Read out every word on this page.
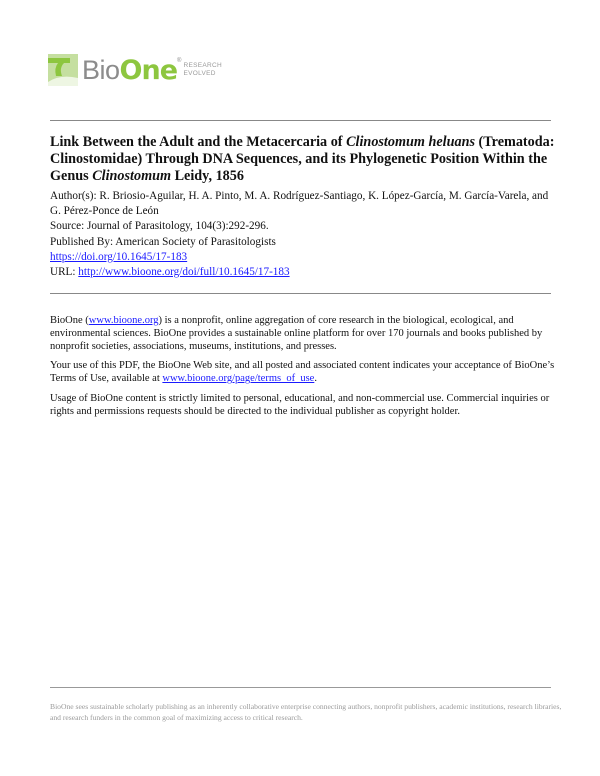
Bio One ®
RESEARCH
EVOLVED
Link Between the Adult and the Metacercaria of Clinostomum heluans (Trematoda: Clinostomidae) Through DNA Sequences, and its Phylogenetic Position Within the Genus Clinostomum Leidy, 1856
Author(s): R. Briosio-Aguilar, H. A. Pinto, M. A. Rodríguez-Santiago, K. López-García, M. García-Varela, and G. Pérez-Ponce de León
Source: Journal of Parasitology, 104(3):292-296.
Published By: American Society of Parasitologists
https://doi.org/10.1645/17-183
URL: http://www.bioone.org/doi/full/10.1645/17-183

BioOne (www.bioone.org) is a nonprofit, online aggregation of core research in the biological, ecological, and environmental sciences. BioOne provides a sustainable online platform for over 170 journals and books published by nonprofit societies, associations, museums, institutions, and presses.

Your use of this PDF, the BioOne Web site, and all posted and associated content indicates your acceptance of BioOne’s Terms of Use, available at www.bioone.org/page/terms_of_use.

Usage of BioOne content is strictly limited to personal, educational, and non-commercial use. Commercial inquiries or rights and permissions requests should be directed to the individual publisher as copyright holder.

BioOne sees sustainable scholarly publishing as an inherently collaborative enterprise connecting authors, nonprofit publishers, academic institutions, research libraries, and research funders in the common goal of maximizing access to critical research.
